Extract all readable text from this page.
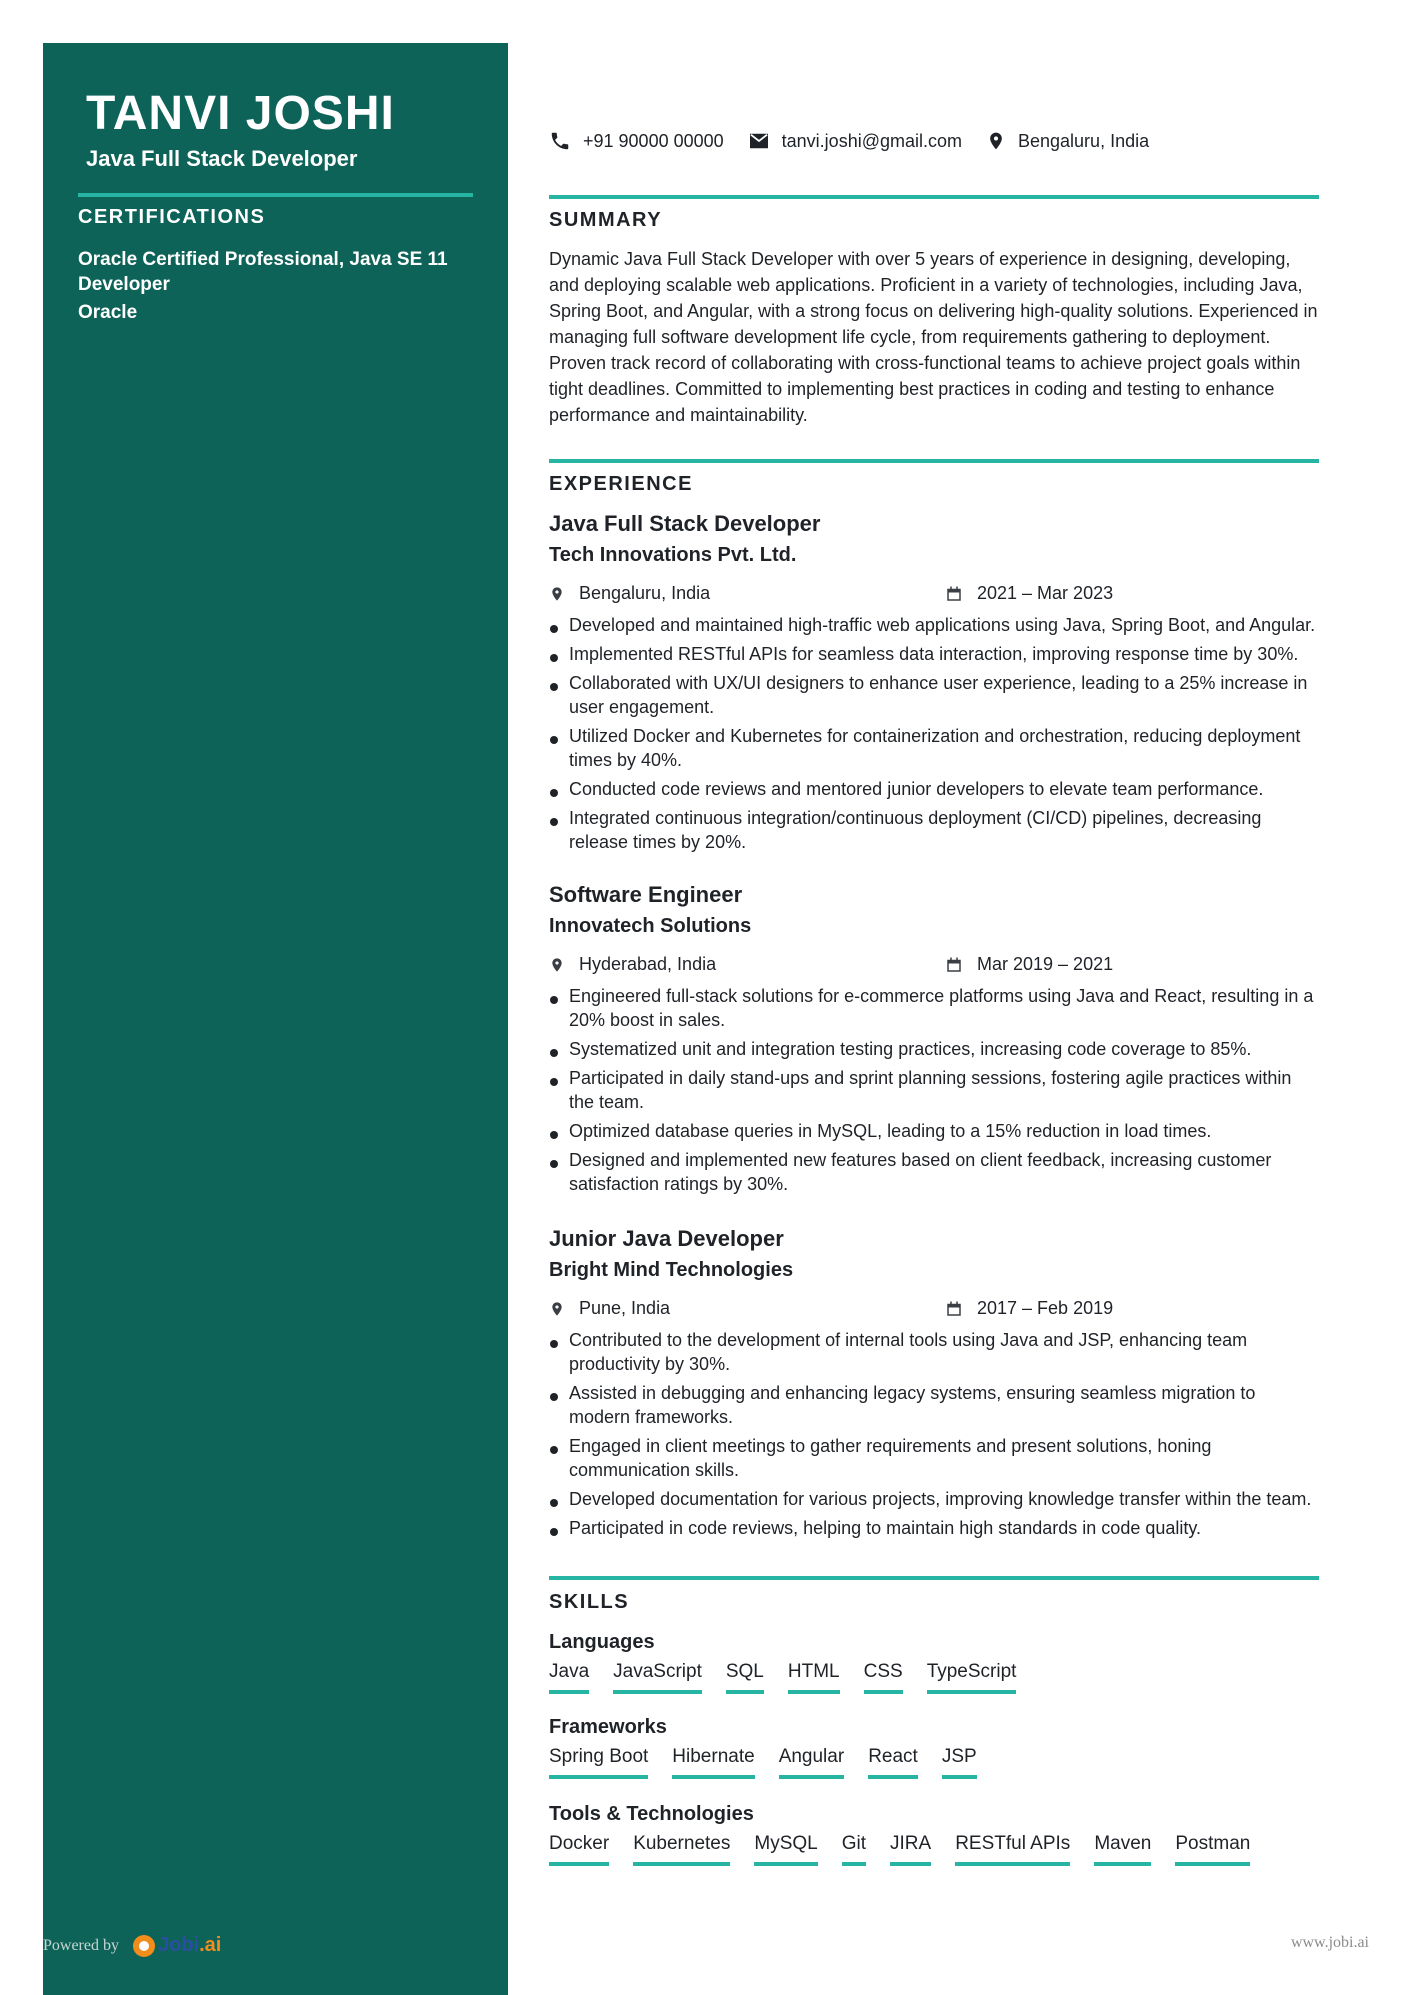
TANVI JOSHI
Java Full Stack Developer
CERTIFICATIONS
Oracle Certified Professional, Java SE 11 Developer
Oracle
Powered by Jobi .ai	www.jobi.ai
+91 90000 00000	tanvi.joshi@gmail.com	Bengaluru, India
SUMMARY
Dynamic Java Full Stack Developer with over 5 years of experience in designing, developing, and deploying scalable web applications. Proficient in a variety of technologies, including Java, Spring Boot, and Angular, with a strong focus on delivering high-quality solutions. Experienced in managing full software development life cycle, from requirements gathering to deployment. Proven track record of collaborating with cross-functional teams to achieve project goals within tight deadlines. Committed to implementing best practices in coding and testing to enhance performance and maintainability.
EXPERIENCE
Java Full Stack Developer
Tech Innovations Pvt. Ltd.
Bengaluru, India	2021 – Mar 2023
Developed and maintained high-traffic web applications using Java, Spring Boot, and Angular.
Implemented RESTful APIs for seamless data interaction, improving response time by 30%.
Collaborated with UX/UI designers to enhance user experience, leading to a 25% increase in user engagement.
Utilized Docker and Kubernetes for containerization and orchestration, reducing deployment times by 40%.
Conducted code reviews and mentored junior developers to elevate team performance.
Integrated continuous integration/continuous deployment (CI/CD) pipelines, decreasing release times by 20%.
Software Engineer
Innovatech Solutions
Hyderabad, India	Mar 2019 – 2021
Engineered full-stack solutions for e-commerce platforms using Java and React, resulting in a 20% boost in sales.
Systematized unit and integration testing practices, increasing code coverage to 85%.
Participated in daily stand-ups and sprint planning sessions, fostering agile practices within the team.
Optimized database queries in MySQL, leading to a 15% reduction in load times.
Designed and implemented new features based on client feedback, increasing customer satisfaction ratings by 30%.
Junior Java Developer
Bright Mind Technologies
Pune, India	2017 – Feb 2019
Contributed to the development of internal tools using Java and JSP, enhancing team productivity by 30%.
Assisted in debugging and enhancing legacy systems, ensuring seamless migration to modern frameworks.
Engaged in client meetings to gather requirements and present solutions, honing communication skills.
Developed documentation for various projects, improving knowledge transfer within the team.
Participated in code reviews, helping to maintain high standards in code quality.
SKILLS
Languages
Java JavaScript SQL HTML CSS TypeScript
Frameworks
Spring Boot Hibernate Angular React JSP
Tools & Technologies
Docker Kubernetes MySQL Git JIRA RESTful APIs Maven Postman
